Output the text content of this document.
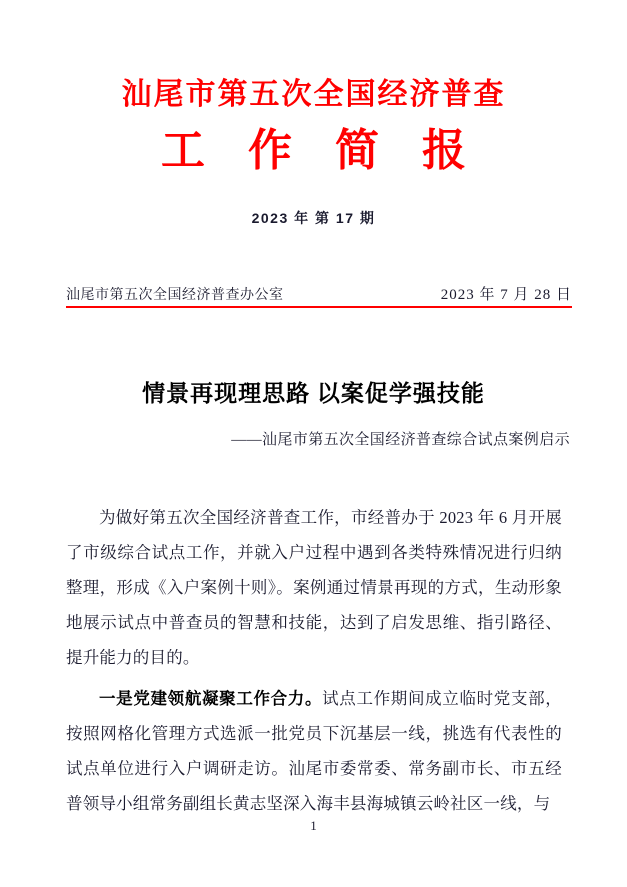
汕尾市第五次全国经济普查
工 作 简 报
2023 年 第 17 期
汕尾市第五次全国经济普查办公室	2023 年 7 月 28 日
情景再现理思路 以案促学强技能
——汕尾市第五次全国经济普查综合试点案例启示

为做好第五次全国经济普查工作，市经普办于 2023 年 6 月开展了市级综合试点工作，并就入户过程中遇到各类特殊情况进行归纳整理，形成《入户案例十则》。案例通过情景再现的方式，生动形象地展示试点中普查员的智慧和技能，达到了启发思维、指引路径、提升能力的目的。

一是党建领航凝聚工作合力。试点工作期间成立临时党支部，按照网格化管理方式选派一批党员下沉基层一线，挑选有代表性的试点单位进行入户调研走访。汕尾市委常委、常务副市长、市五经普领导小组常务副组长黄志坚深入海丰县海城镇云岭社区一线，与

1
